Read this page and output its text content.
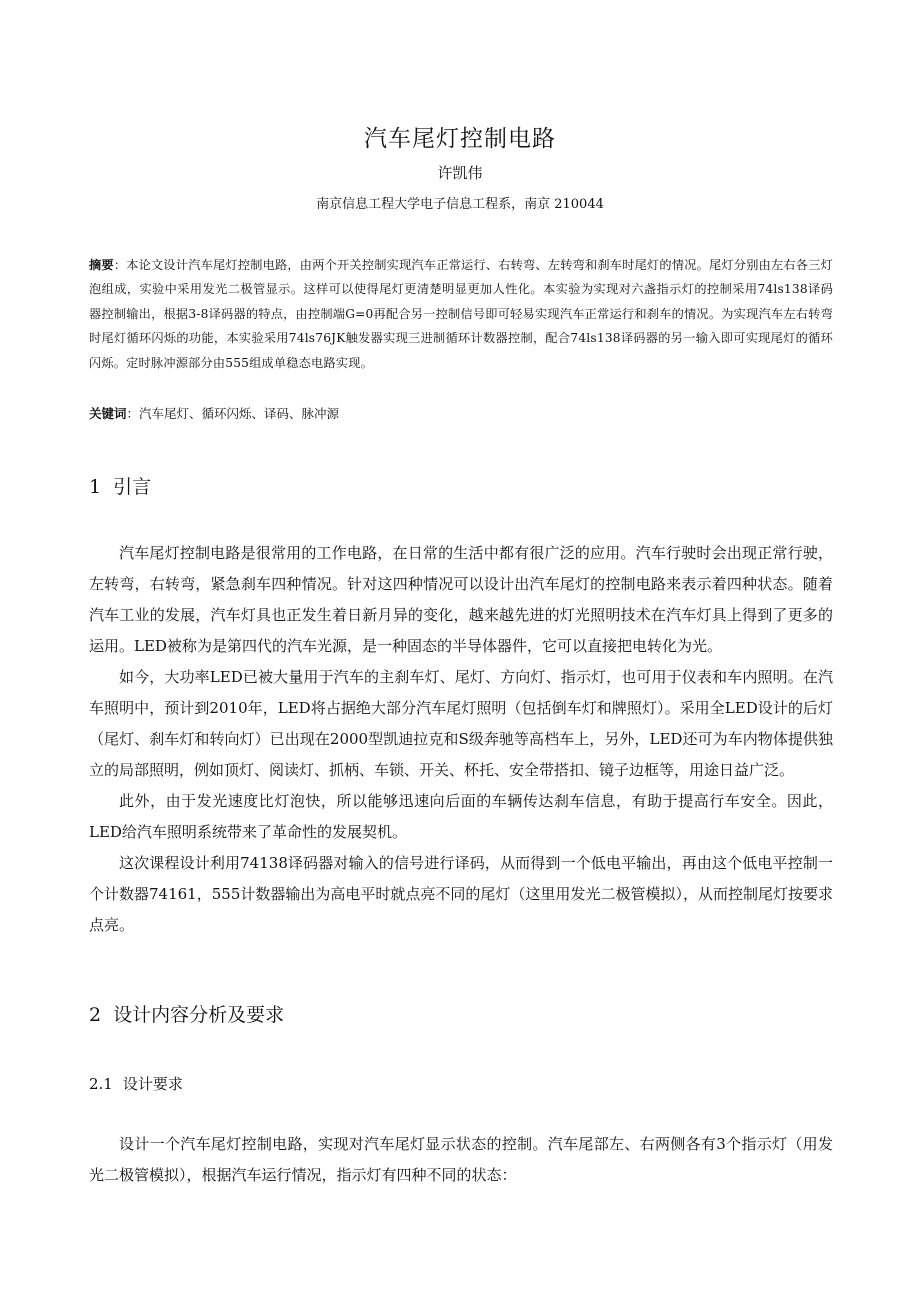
汽车尾灯控制电路
许凯伟
南京信息工程大学电子信息工程系，南京 210044
摘要：本论文设计汽车尾灯控制电路，由两个开关控制实现汽车正常运行、右转弯、左转弯和刹车时尾灯的情况。尾灯分别由左右各三灯泡组成，实验中采用发光二极管显示。这样可以使得尾灯更清楚明显更加人性化。本实验为实现对六盏指示灯的控制采用74ls138译码器控制输出，根据3-8译码器的特点，由控制端G=0再配合另一控制信号即可轻易实现汽车正常运行和刹车的情况。为实现汽车左右转弯时尾灯循环闪烁的功能，本实验采用74ls76JK触发器实现三进制循环计数器控制，配合74ls138译码器的另一输入即可实现尾灯的循环闪烁。定时脉冲源部分由555组成单稳态电路实现。
关键词：汽车尾灯、循环闪烁、译码、脉冲源
1 引言

汽车尾灯控制电路是很常用的工作电路，在日常的生活中都有很广泛的应用。汽车行驶时会出现正常行驶，左转弯，右转弯，紧急刹车四种情况。针对这四种情况可以设计出汽车尾灯的控制电路来表示着四种状态。随着汽车工业的发展，汽车灯具也正发生着日新月异的变化，越来越先进的灯光照明技术在汽车灯具上得到了更多的运用。LED被称为是第四代的汽车光源，是一种固态的半导体器件，它可以直接把电转化为光。

如今，大功率LED已被大量用于汽车的主刹车灯、尾灯、方向灯、指示灯，也可用于仪表和车内照明。在汽车照明中，预计到2010年，LED将占据绝大部分汽车尾灯照明（包括倒车灯和牌照灯）。采用全LED设计的后灯（尾灯、刹车灯和转向灯）已出现在2000型凯迪拉克和S级奔驰等高档车上，另外，LED还可为车内物体提供独立的局部照明，例如顶灯、阅读灯、抓柄、车锁、开关、杯托、安全带搭扣、镜子边框等，用途日益广泛。

此外，由于发光速度比灯泡快，所以能够迅速向后面的车辆传达刹车信息，有助于提高行车安全。因此，LED给汽车照明系统带来了革命性的发展契机。

这次课程设计利用74138译码器对输入的信号进行译码，从而得到一个低电平输出，再由这个低电平控制一个计数器74161，555计数器输出为高电平时就点亮不同的尾灯（这里用发光二极管模拟），从而控制尾灯按要求点亮。

2 设计内容分析及要求
2.1 设计要求

设计一个汽车尾灯控制电路，实现对汽车尾灯显示状态的控制。汽车尾部左、右两侧各有3个指示灯（用发光二极管模拟），根据汽车运行情况，指示灯有四种不同的状态：
